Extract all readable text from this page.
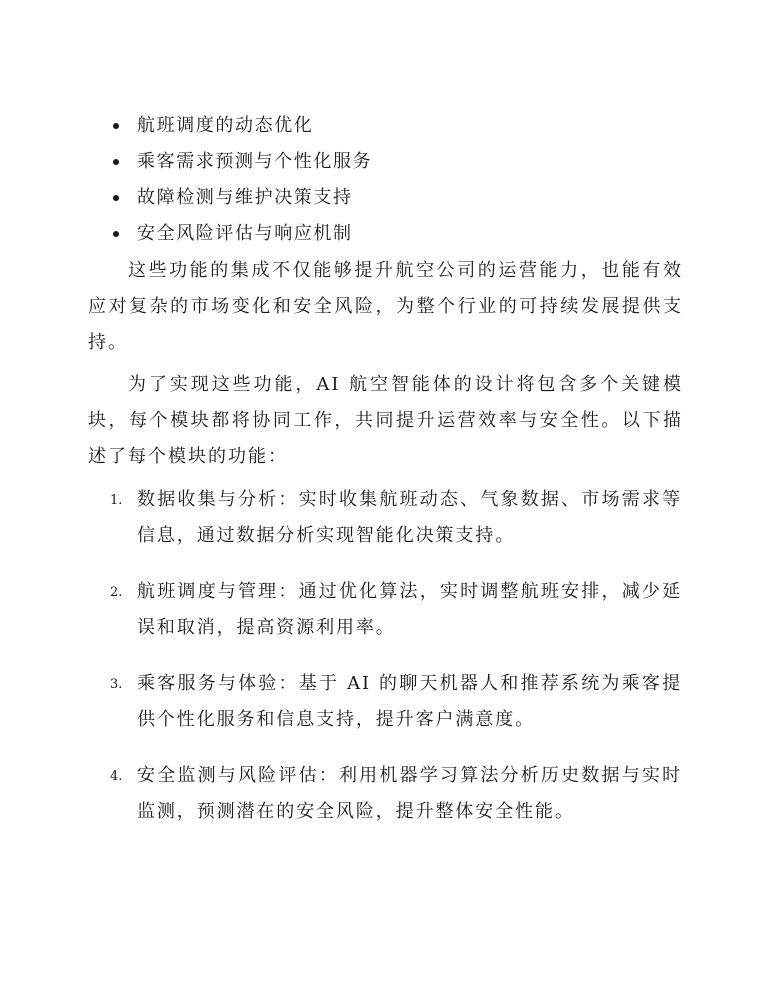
航班调度的动态优化
乘客需求预测与个性化服务
故障检测与维护决策支持
安全风险评估与响应机制

这些功能的集成不仅能够提升航空公司的运营能力，也能有效应对复杂的市场变化和安全风险，为整个行业的可持续发展提供支持。

为了实现这些功能，AI 航空智能体的设计将包含多个关键模块，每个模块都将协同工作，共同提升运营效率与安全性。以下描述了每个模块的功能：

1. 数据收集与分析：实时收集航班动态、气象数据、市场需求等信息，通过数据分析实现智能化决策支持。
2. 航班调度与管理：通过优化算法，实时调整航班安排，减少延误和取消，提高资源利用率。
3. 乘客服务与体验：基于 AI 的聊天机器人和推荐系统为乘客提供个性化服务和信息支持，提升客户满意度。
4. 安全监测与风险评估：利用机器学习算法分析历史数据与实时监测，预测潜在的安全风险，提升整体安全性能。
